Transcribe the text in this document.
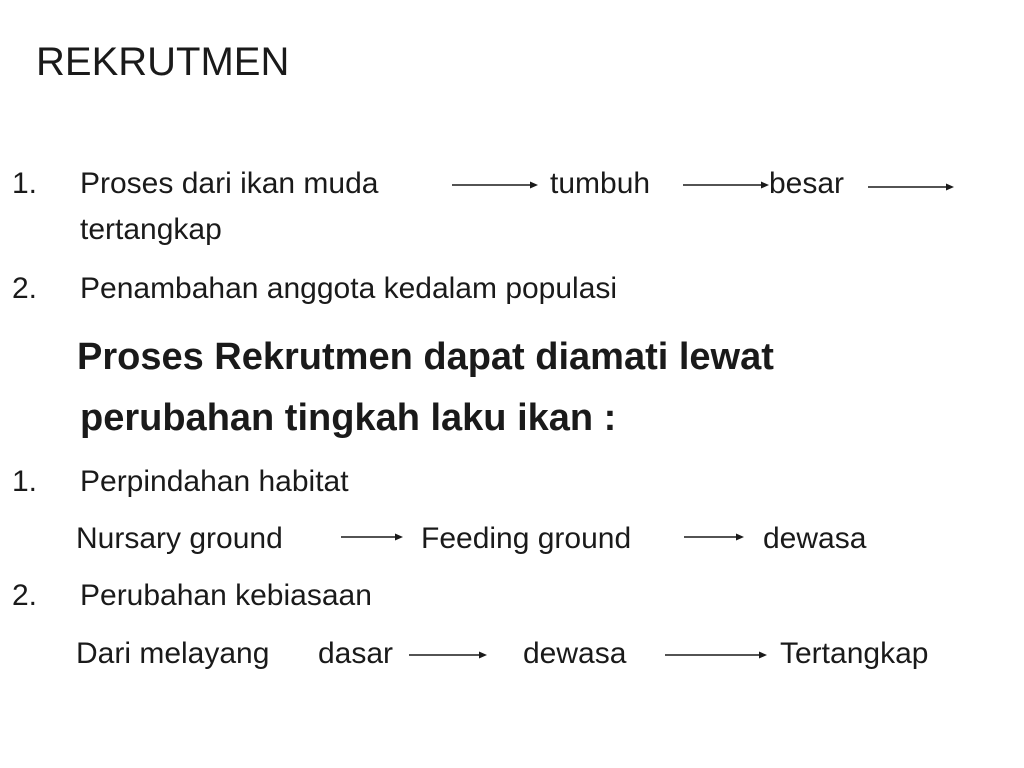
REKRUTMEN
1. Proses dari ikan muda	tumbuh	besar
tertangkap
2. Penambahan anggota kedalam populasi
Proses Rekrutmen dapat diamati lewat
perubahan tingkah laku ikan :
1. Perpindahan habitat
Nursary ground	Feeding ground	dewasa
2. Perubahan kebiasaan
Dari melayang dasar	dewasa	Tertangkap
